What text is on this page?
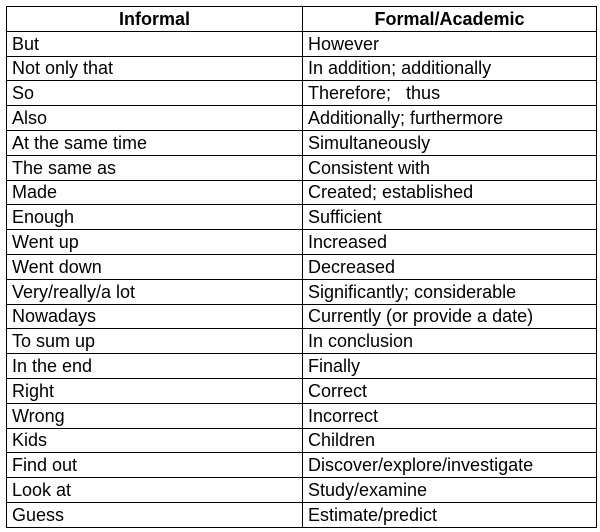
Informal	Formal/Academic
But	However
Not only that	In addition; additionally
So	Therefore;   thus
Also	Additionally; furthermore
At the same time	Simultaneously
The same as	Consistent with
Made	Created; established
Enough	Sufficient
Went up	Increased
Went down	Decreased
Very/really/a lot	Significantly; considerable
Nowadays	Currently (or provide a date)
To sum up	In conclusion
In the end	Finally
Right	Correct
Wrong	Incorrect
Kids	Children
Find out	Discover/explore/investigate
Look at	Study/examine
Guess	Estimate/predict
